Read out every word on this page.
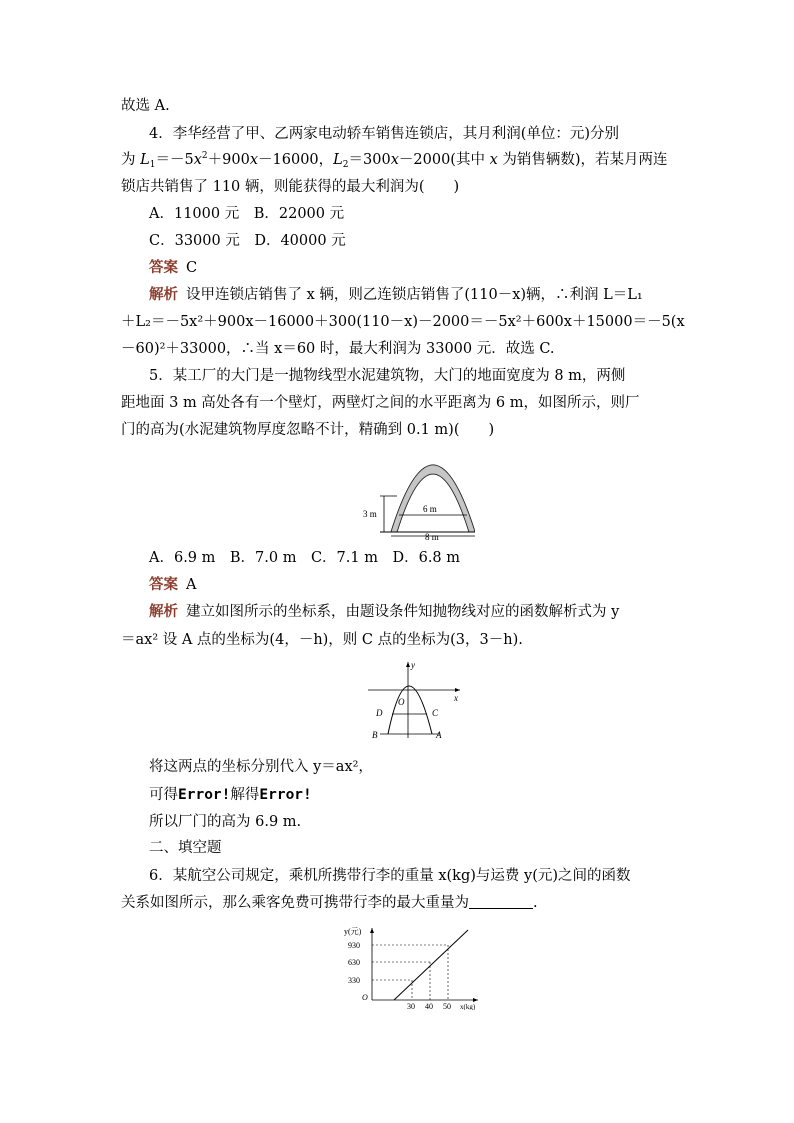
故选 A.
4．李华经营了甲、乙两家电动轿车销售连锁店，其月利润(单位：元)分别
为 $L_1=-5x^2+900x-16000$，$L_2=300x-2000$(其中 x 为销售辆数)，若某月两连
锁店共销售了 110 辆，则能获得的最大利润为(　　)
A．11000 元　B．22000 元
C．33000 元　D．40000 元
答案 C
解析 设甲连锁店销售了 x 辆，则乙连锁店销售了(110－x)辆，∴利润 L＝L₁
＋L₂＝－5x²＋900x－16000＋300(110－x)－2000＝－5x²＋600x＋15000＝－5(x
－60)²＋33000，∴当 x＝60 时，最大利润为 33000 元．故选 C.
5．某工厂的大门是一抛物线型水泥建筑物，大门的地面宽度为 8 m，两侧
距地面 3 m 高处各有一个壁灯，两壁灯之间的水平距离为 6 m，如图所示，则厂
门的高为(水泥建筑物厚度忽略不计，精确到 0.1 m)(　　)
3 m	6 m
8 m
A．6.9 m　B．7.0 m　C．7.1 m　D．6.8 m
答案 A
解析 建立如图所示的坐标系，由题设条件知抛物线对应的函数解析式为 y
＝ax² 设 A 点的坐标为(4，－h)，则 C 点的坐标为(3，3－h).
y
x
O
D	C
B	A
将这两点的坐标分别代入 y＝ax²，
可得Error!解得Error!
所以厂门的高为 6.9 m.
二、填空题
6．某航空公司规定，乘机所携带行李的重量 x(kg)与运费 y(元)之间的函数
关系如图所示，那么乘客免费可携带行李的最大重量为	.
y(元)
930
630
330
O
30 40 50 x(kg)
